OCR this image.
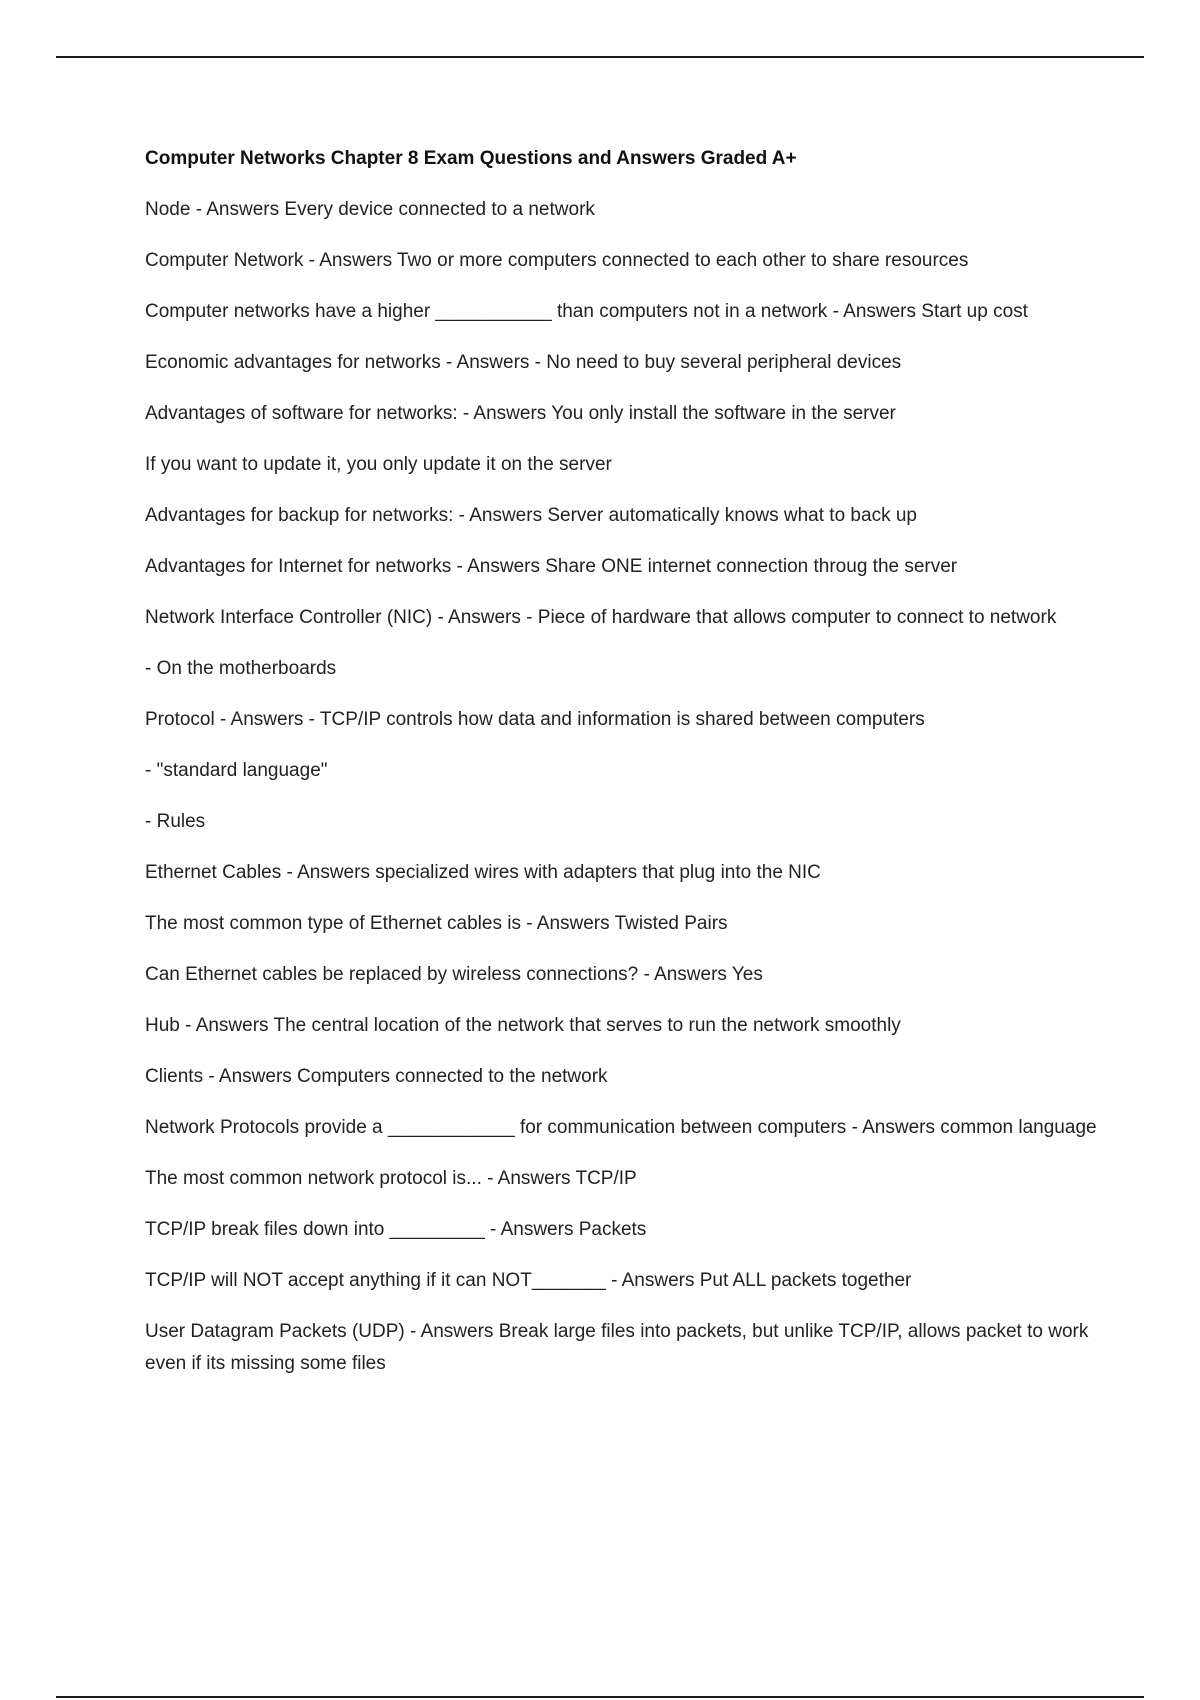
Computer Networks Chapter 8 Exam Questions and Answers Graded A+
Node - Answers Every device connected to a network
Computer Network - Answers Two or more computers connected to each other to share resources
Computer networks have a higher ___________ than computers not in a network - Answers Start up cost
Economic advantages for networks - Answers - No need to buy several peripheral devices
Advantages of software for networks: - Answers You only install the software in the server
If you want to update it, you only update it on the server
Advantages for backup for networks: - Answers Server automatically knows what to back up
Advantages for Internet for networks - Answers Share ONE internet connection throug the server
Network Interface Controller (NIC) - Answers - Piece of hardware that allows computer to connect to network
- On the motherboards
Protocol - Answers - TCP/IP controls how data and information is shared between computers
- "standard language"
- Rules
Ethernet Cables - Answers specialized wires with adapters that plug into the NIC
The most common type of Ethernet cables is - Answers Twisted Pairs
Can Ethernet cables be replaced by wireless connections? - Answers Yes
Hub - Answers The central location of the network that serves to run the network smoothly
Clients - Answers Computers connected to the network
Network Protocols provide a ____________ for communication between computers - Answers common language
The most common network protocol is... - Answers TCP/IP
TCP/IP break files down into _________ - Answers Packets
TCP/IP will NOT accept anything if it can NOT_______ - Answers Put ALL packets together
User Datagram Packets (UDP) - Answers Break large files into packets, but unlike TCP/IP, allows packet to work even if its missing some files
